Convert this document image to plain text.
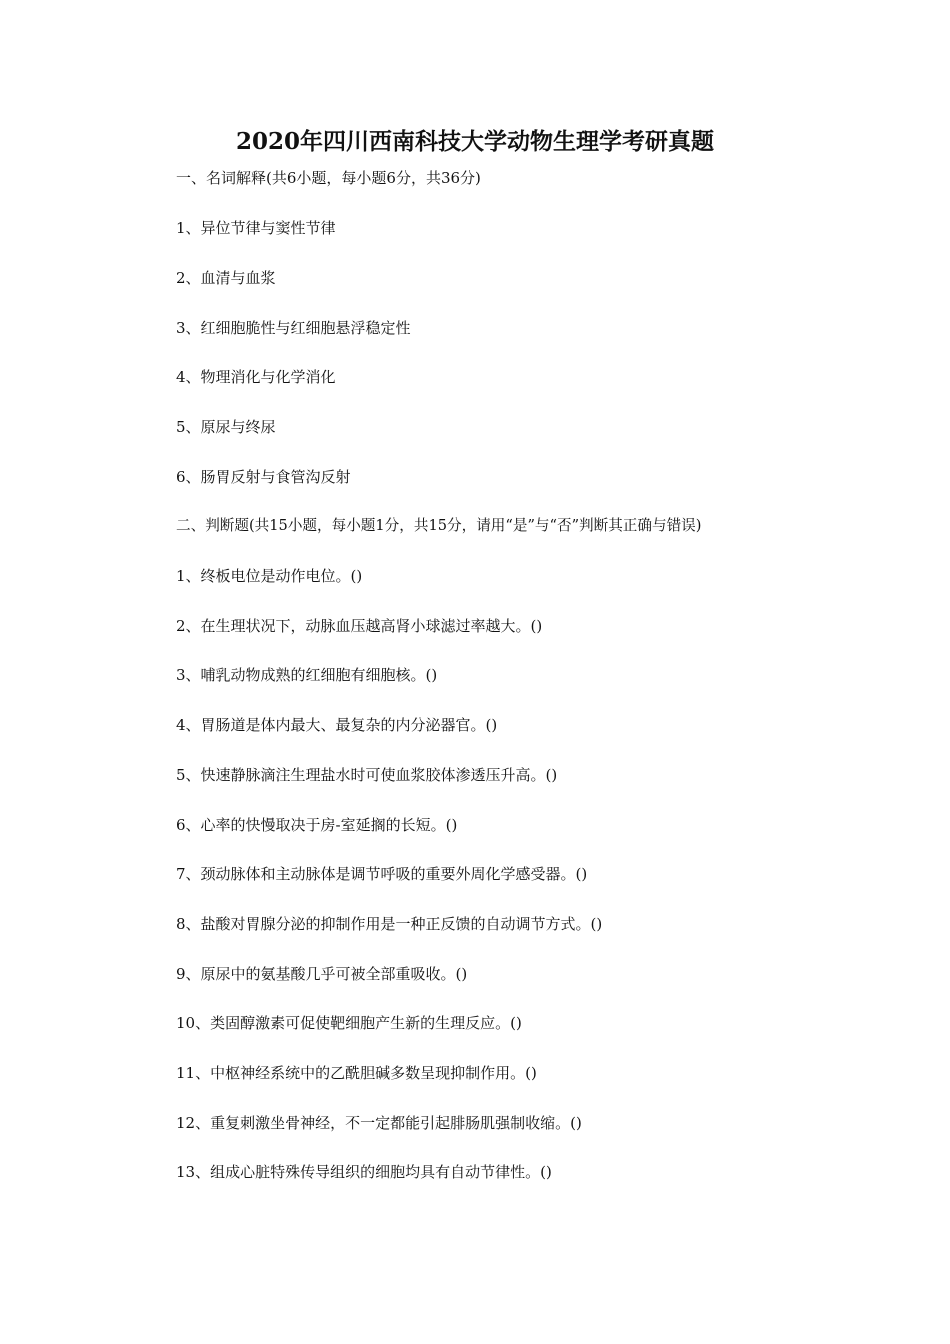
2020年四川西南科技大学动物生理学考研真题
一、名词解释(共6小题，每小题6分，共36分)
1、异位节律与窦性节律
2、血清与血浆
3、红细胞脆性与红细胞悬浮稳定性
4、物理消化与化学消化
5、原尿与终尿
6、肠胃反射与食管沟反射
二、判断题(共15小题，每小题1分，共15分，请用“是”与“否”判断其正确与错误)
1、终板电位是动作电位。()
2、在生理状况下，动脉血压越高肾小球滤过率越大。()
3、哺乳动物成熟的红细胞有细胞核。()
4、胃肠道是体内最大、最复杂的内分泌器官。()
5、快速静脉滴注生理盐水时可使血浆胶体渗透压升高。()
6、心率的快慢取决于房-室延搁的长短。()
7、颈动脉体和主动脉体是调节呼吸的重要外周化学感受器。()
8、盐酸对胃腺分泌的抑制作用是一种正反馈的自动调节方式。()
9、原尿中的氨基酸几乎可被全部重吸收。()
10、类固醇激素可促使靶细胞产生新的生理反应。()
11、中枢神经系统中的乙酰胆碱多数呈现抑制作用。()
12、重复刺激坐骨神经，不一定都能引起腓肠肌强制收缩。()
13、组成心脏特殊传导组织的细胞均具有自动节律性。()
